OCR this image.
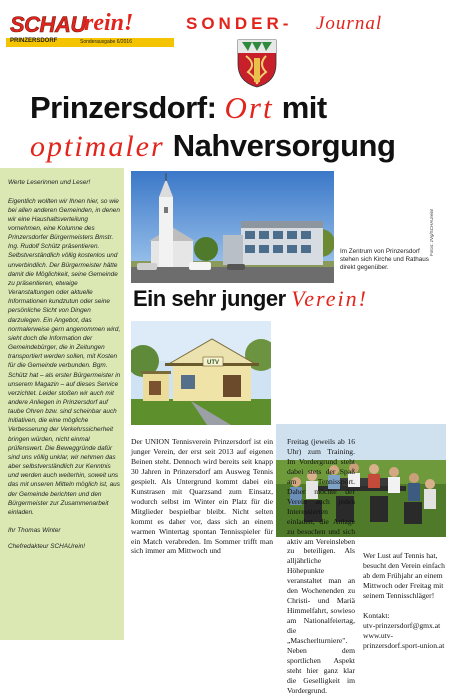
SCHAU
rein!
PRINZERSDORF	Sonderausgabe 6/2016
SONDER- Journal
Prinzersdorf: Ort mit
optimaler Nahversorgung

Werte Leserinnen und Leser!

Eigentlich wollten wir Ihnen hier, so wie bei allen anderen Gemeinden, in denen wir eine Haushaltsverteilung vornehmen, eine Kolumne des Prinzersdorfer Bürgermeisters Bmstr. Ing. Rudolf Schütz präsentieren. Selbstverständlich völlig kostenlos und unverbindlich. Der Bürgermeister hätte damit die Möglichkeit, seine Gemeinde zu präsentieren, etwaige Veranstaltungen oder aktuelle Informationen kundzutun oder seine persönliche Sicht von Dingen darzulegen. Ein Angebot, das normalerweise gern angenommen wird, sieht doch die Information der Gemeindebürger, die in Zeitungen transportiert werden sollen, mit Kosten für die Gemeinde verbunden. Bgm. Schütz hat – als erster Bürgermeister in unserem Magazin – auf dieses Service verzichtet. Leider stoßen wir auch mit andere Anliegen in Prinzersdorf auf taube Ohren bzw. sind scheinbar auch Initiativen, die eine mögliche Verbesserung der Verkehrssicherheit bringen würden, nicht einmal prüfenswert. Die Beweggründe dafür sind uns völlig unklar, wir nehmen das aber selbstverständlich zur Kenntnis und werden auch weiterhin, soweit uns das mit unseren Mitteln möglich ist, aus der Gemeinde berichten und den Bürgermeister zur Zusammenarbeit einladen.

Ihr Thomas Winter

Chefredakteur SCHAUrein!

Im Zentrum von Prinzersdorf stehen sich Kirche und Rathaus direkt gegenüber.
Fotos: zVg/SCHAUrein!
Ein sehr junger Verein!
UTV

Der UNION Tennisverein Prinzersdorf ist ein junger Verein, der erst seit 2013 auf eigenen Beinen steht. Dennoch wird bereits seit knapp 30 Jahren in Prinzersdorf am Ausweg Tennis gespielt. Als Untergrund kommt dabei ein Kunstrasen mit Quarzsand zum Einsatz, wodurch selbst im Winter ein Platz für die Mitglieder bespielbar bleibt. Nicht selten kommt es daher vor, dass sich an einem warmen Wintertag spontan Tennisspieler für ein Match verabreden. Im Sommer trifft man sich immer am Mittwoch und

Freitag (jeweils ab 16 Uhr) zum Training. Im Vordergrund steht dabei stets der Spaß am Tennissport. Daher möchte der Verein auch jeden Interessierten einladen, die Anlage zu besuchen und sich aktiv am Vereinsleben zu beteiligen. Als alljährliche Höhepunkte veranstaltet man an den Wochenenden zu Christi- und Mariä Himmelfahrt, sowieso am Nationalfeiertag, die „Mascherlturniere". Neben dem sportlichen Aspekt steht hier ganz klar die Geselligkeit im Vordergrund.

Wer Lust auf Tennis hat, besucht den Verein einfach ab dem Frühjahr an einem Mittwoch oder Freitag mit seinem Tennisschläger!

Kontakt:

utv-prinzersdorf@gmx.at

www.utv-prinzersdorf.sport-union.at
